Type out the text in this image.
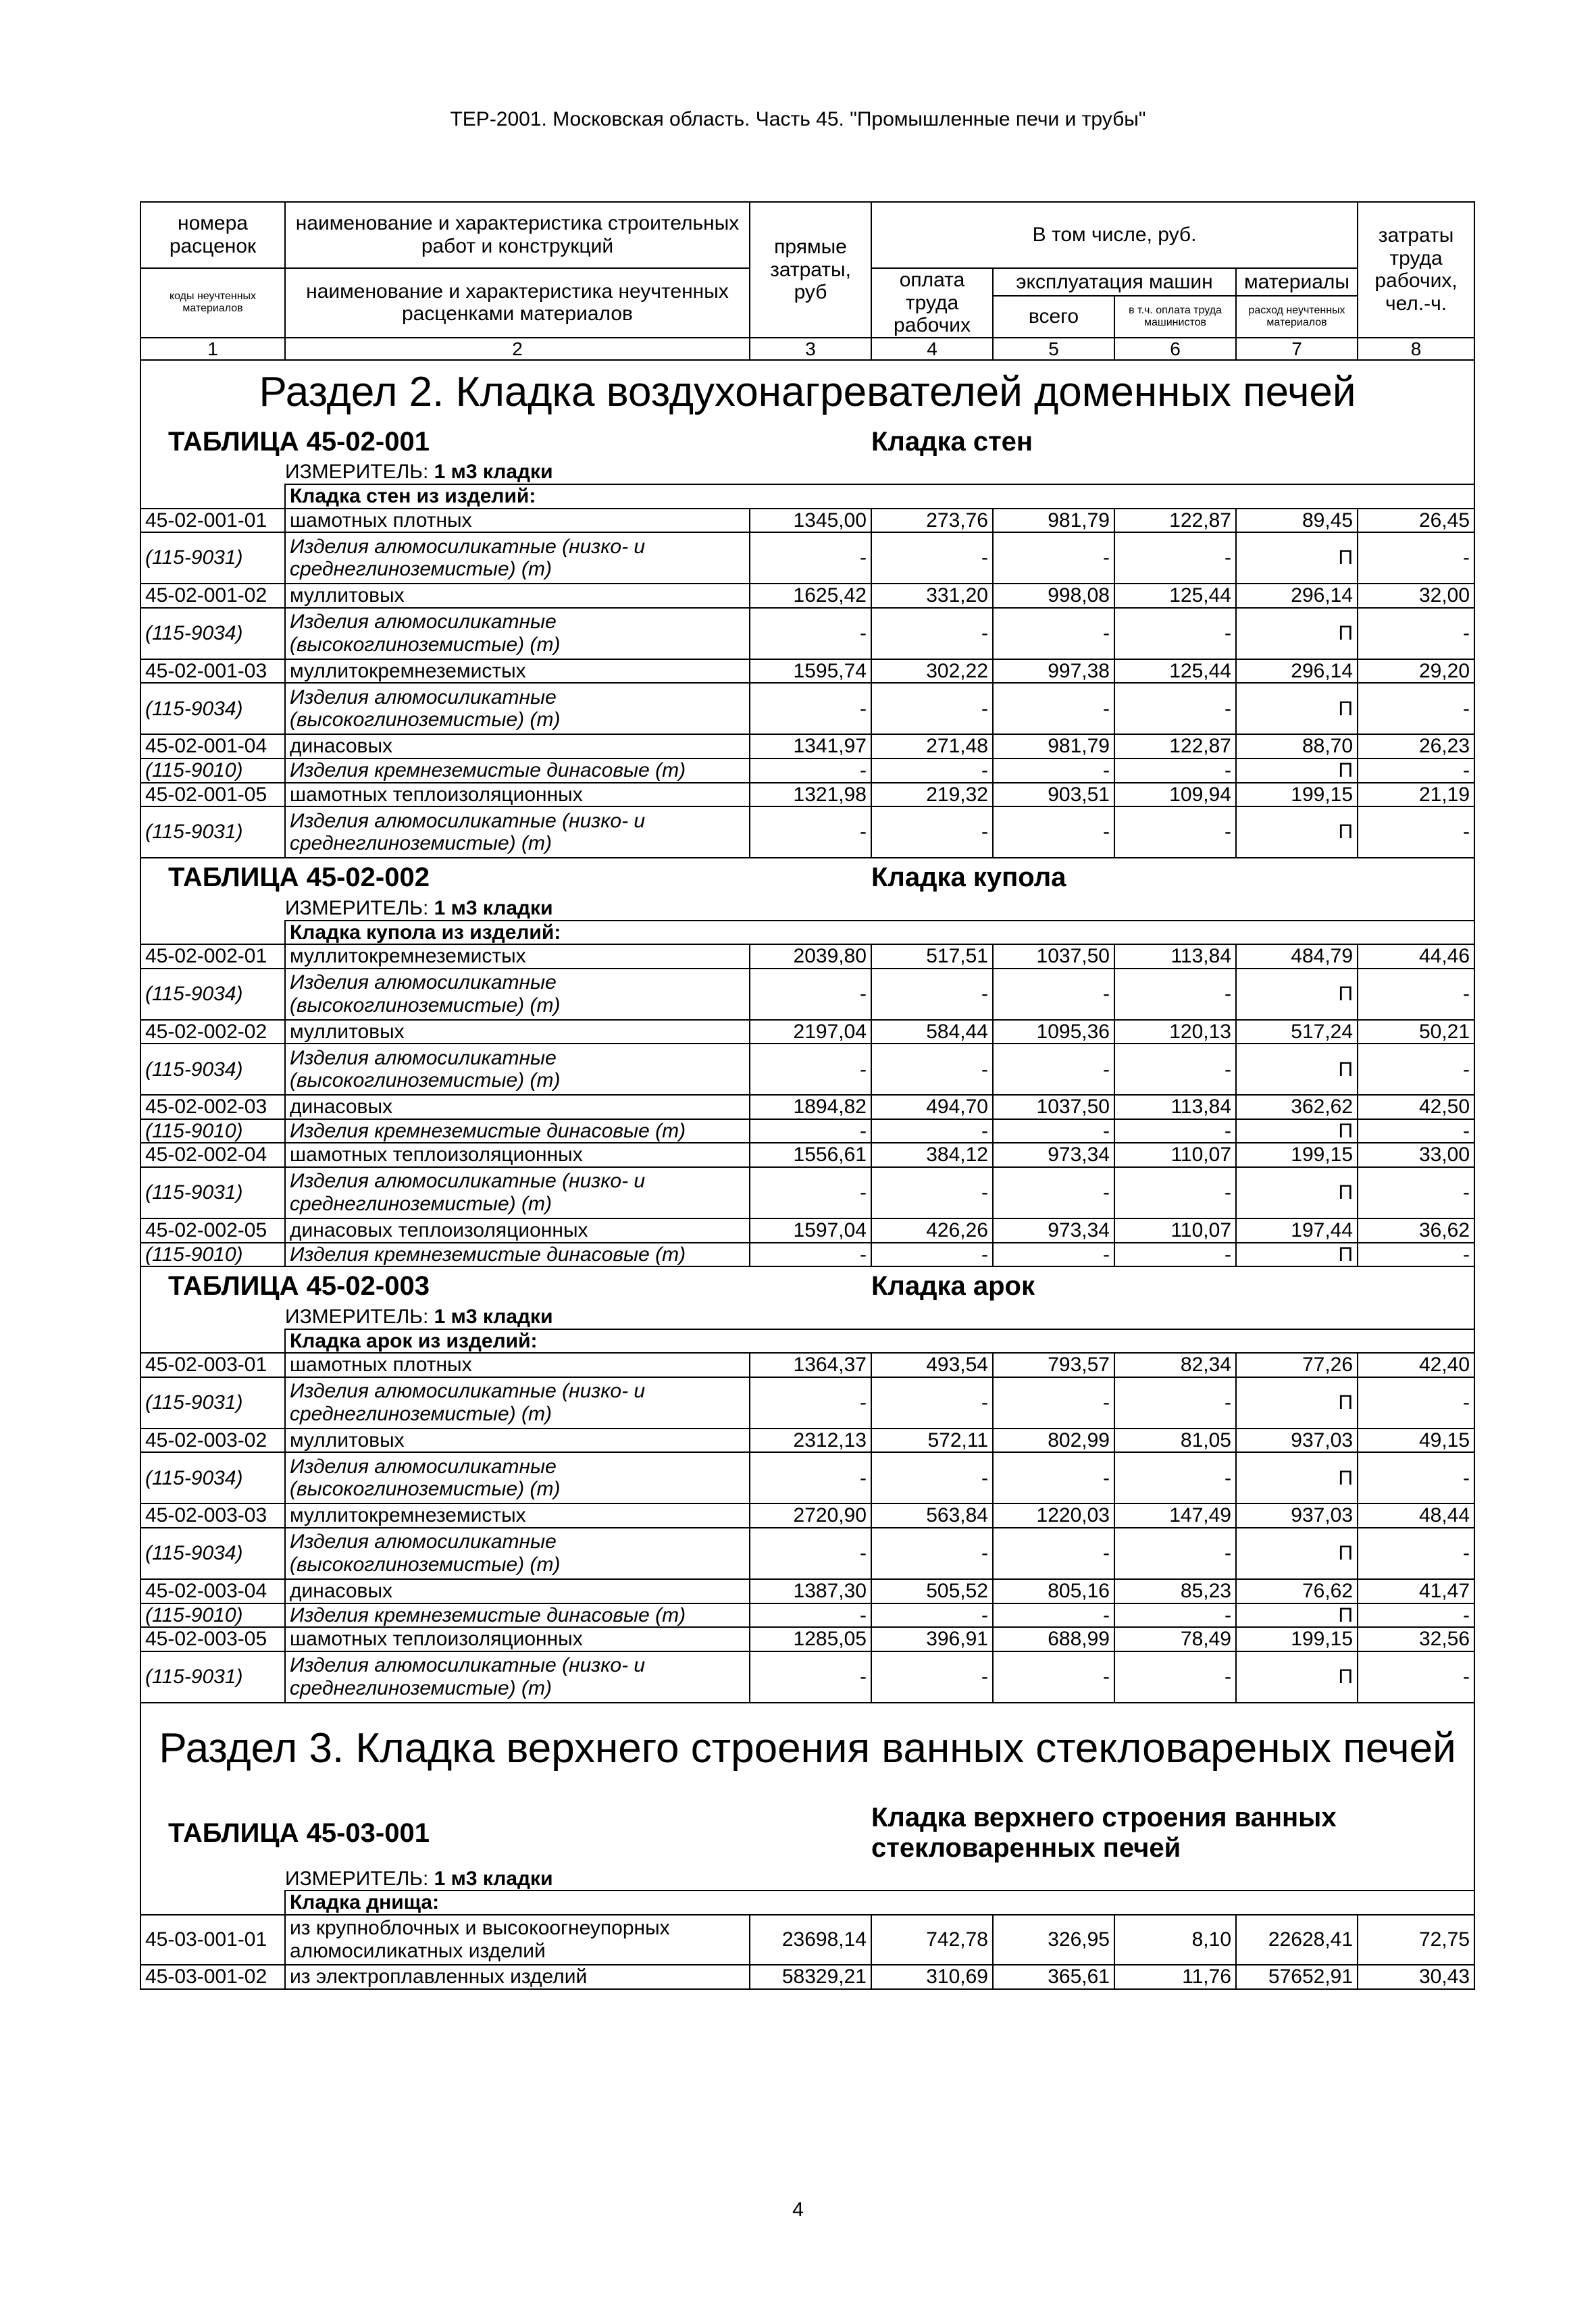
ТЕР-2001. Московская область. Часть 45. "Промышленные печи и трубы"
номера
расценок	наименование и характеристика строительных работ и конструкций	прямые затраты, руб	В том числе, руб.				затраты труда рабочих, чел.-ч.
коды неучтенных материалов	наименование и характеристика неучтенных расценками материалов		оплата труда рабочих	эксплуатация машин		материалы	
				всего	в т.ч. оплата труда машинистов	расход неучтенных материалов	
1	2	3	4	5	6	7	8
Раздел 2. Кладка воздухонагревателей доменных печей							
ТАБЛИЦА 45-02-001		Кладка стен					
	ИЗМЕРИТЕЛЬ: 1 м3 кладки						
	Кладка стен из изделий:						
45-02-001-01	шамотных плотных	1345,00	273,76	981,79	122,87	89,45	26,45
(115-9031)	Изделия алюмосиликатные (низко- и
среднеглиноземистые) (т)	-	-	-	-	П	-
45-02-001-02	муллитовых	1625,42	331,20	998,08	125,44	296,14	32,00
(115-9034)	Изделия алюмосиликатные
(высокоглиноземистые) (т)	-	-	-	-	П	-
45-02-001-03	муллитокремнеземистых	1595,74	302,22	997,38	125,44	296,14	29,20
(115-9034)	Изделия алюмосиликатные
(высокоглиноземистые) (т)	-	-	-	-	П	-
45-02-001-04	динасовых	1341,97	271,48	981,79	122,87	88,70	26,23
(115-9010)	Изделия кремнеземистые динасовые (т)	-	-	-	-	П	-
45-02-001-05	шамотных теплоизоляционных	1321,98	219,32	903,51	109,94	199,15	21,19
(115-9031)	Изделия алюмосиликатные (низко- и
среднеглиноземистые) (т)	-	-	-	-	П	-
ТАБЛИЦА 45-02-002		Кладка купола					
	ИЗМЕРИТЕЛЬ: 1 м3 кладки						
	Кладка купола из изделий:						
45-02-002-01	муллитокремнеземистых	2039,80	517,51	1037,50	113,84	484,79	44,46
(115-9034)	Изделия алюмосиликатные
(высокоглиноземистые) (т)	-	-	-	-	П	-
45-02-002-02	муллитовых	2197,04	584,44	1095,36	120,13	517,24	50,21
(115-9034)	Изделия алюмосиликатные
(высокоглиноземистые) (т)	-	-	-	-	П	-
45-02-002-03	динасовых	1894,82	494,70	1037,50	113,84	362,62	42,50
(115-9010)	Изделия кремнеземистые динасовые (т)	-	-	-	-	П	-
45-02-002-04	шамотных теплоизоляционных	1556,61	384,12	973,34	110,07	199,15	33,00
(115-9031)	Изделия алюмосиликатные (низко- и
среднеглиноземистые) (т)	-	-	-	-	П	-
45-02-002-05	динасовых теплоизоляционных	1597,04	426,26	973,34	110,07	197,44	36,62
(115-9010)	Изделия кремнеземистые динасовые (т)	-	-	-	-	П	-
ТАБЛИЦА 45-02-003		Кладка арок					
	ИЗМЕРИТЕЛЬ: 1 м3 кладки						
	Кладка арок из изделий:						
45-02-003-01	шамотных плотных	1364,37	493,54	793,57	82,34	77,26	42,40
(115-9031)	Изделия алюмосиликатные (низко- и
среднеглиноземистые) (т)	-	-	-	-	П	-
45-02-003-02	муллитовых	2312,13	572,11	802,99	81,05	937,03	49,15
(115-9034)	Изделия алюмосиликатные
(высокоглиноземистые) (т)	-	-	-	-	П	-
45-02-003-03	муллитокремнеземистых	2720,90	563,84	1220,03	147,49	937,03	48,44
(115-9034)	Изделия алюмосиликатные
(высокоглиноземистые) (т)	-	-	-	-	П	-
45-02-003-04	динасовых	1387,30	505,52	805,16	85,23	76,62	41,47
(115-9010)	Изделия кремнеземистые динасовые (т)	-	-	-	-	П	-
45-02-003-05	шамотных теплоизоляционных	1285,05	396,91	688,99	78,49	199,15	32,56
(115-9031)	Изделия алюмосиликатные (низко- и
среднеглиноземистые) (т)	-	-	-	-	П	-

Раздел 3. Кладка верхнего строения ванных стекловареных печей							

ТАБЛИЦА 45-03-001		Кладка верхнего строения ванных
стекловаренных печей					

	ИЗМЕРИТЕЛЬ: 1 м3 кладки						
	Кладка днища:						
45-03-001-01	из крупноблочных и высокоогнеупорных
алюмосиликатных изделий	23698,14	742,78	326,95	8,10	22628,41	72,75
45-03-001-02	из электроплавленных изделий	58329,21	310,69	365,61	11,76	57652,91	30,43
4
